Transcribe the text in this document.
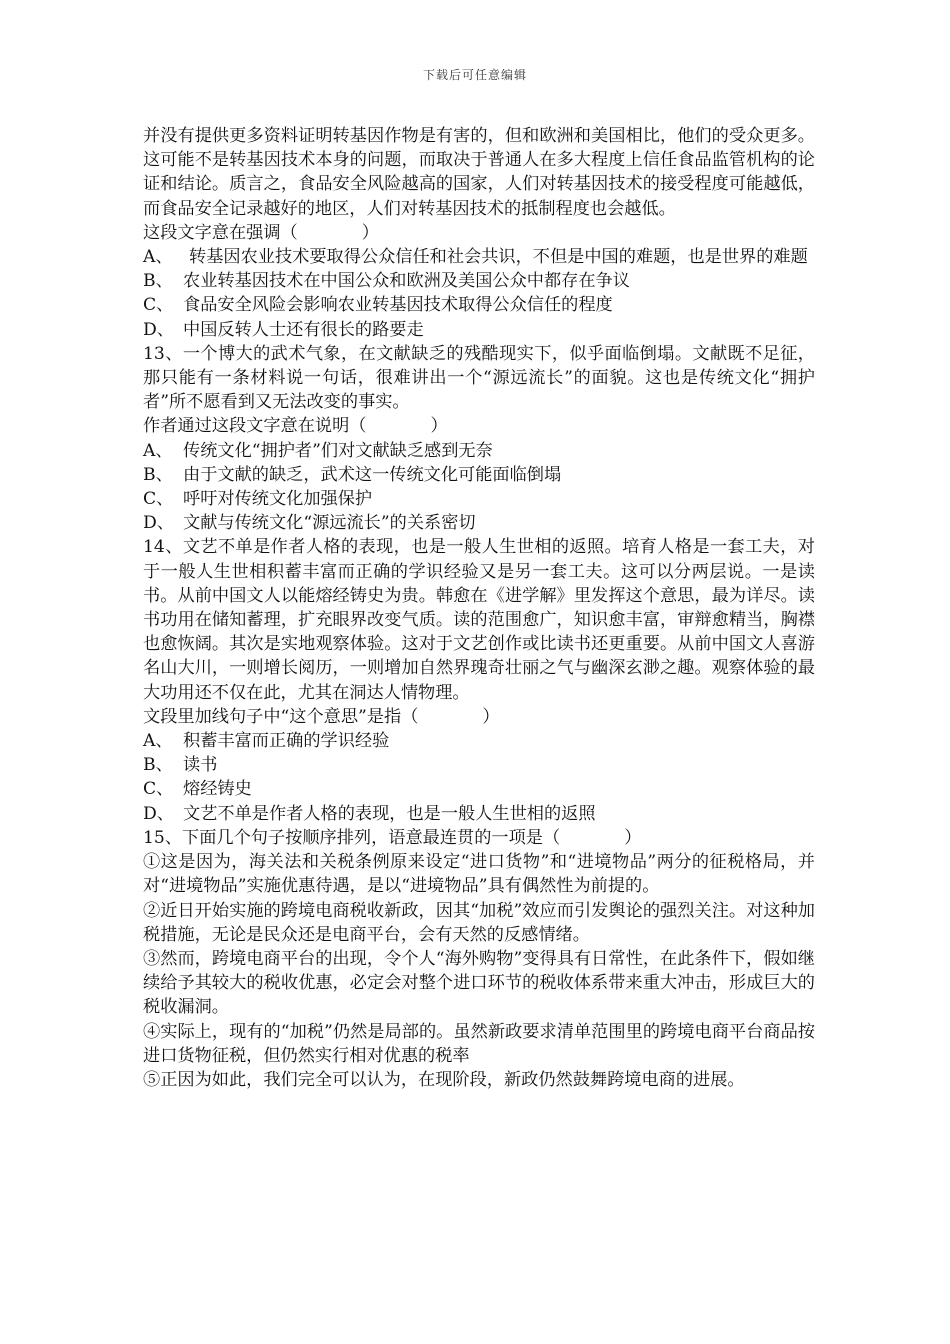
下载后可任意编辑

并没有提供更多资料证明转基因作物是有害的，但和欧洲和美国相比，他们的受众更多。这可能不是转基因技术本身的问题，而取决于普通人在多大程度上信任食品监管机构的论证和结论。质言之，食品安全风险越高的国家，人们对转基因技术的接受程度可能越低，而食品安全记录越好的地区，人们对转基因技术的抵制程度也会越低。

这段文字意在强调（	）

A、 转基因农业技术要取得公众信任和社会共识，不但是中国的难题，也是世界的难题

B、 农业转基因技术在中国公众和欧洲及美国公众中都存在争议

C、 食品安全风险会影响农业转基因技术取得公众信任的程度

D、 中国反转人士还有很长的路要走

13、一个博大的武术气象，在文献缺乏的残酷现实下，似乎面临倒塌。文献既不足征，那只能有一条材料说一句话，很难讲出一个“源远流长”的面貌。这也是传统文化“拥护者”所不愿看到又无法改变的事实。

作者通过这段文字意在说明（	）

A、 传统文化“拥护者”们对文献缺乏感到无奈

B、 由于文献的缺乏，武术这一传统文化可能面临倒塌

C、 呼吁对传统文化加强保护

D、 文献与传统文化“源远流长”的关系密切

14、文艺不单是作者人格的表现，也是一般人生世相的返照。培育人格是一套工夫，对于一般人生世相积蓄丰富而正确的学识经验又是另一套工夫。这可以分两层说。一是读书。从前中国文人以能熔经铸史为贵。韩愈在《进学解》里发挥这个意思，最为详尽。读书功用在储知蓄理，扩充眼界改变气质。读的范围愈广，知识愈丰富，审辩愈精当，胸襟也愈恢阔。其次是实地观察体验。这对于文艺创作或比读书还更重要。从前中国文人喜游名山大川，一则增长阅历，一则增加自然界瑰奇壮丽之气与幽深玄渺之趣。观察体验的最大功用还不仅在此，尤其在洞达人情物理。

文段里加线句子中“这个意思”是指（	）

A、 积蓄丰富而正确的学识经验

B、 读书

C、 熔经铸史

D、 文艺不单是作者人格的表现，也是一般人生世相的返照

15、下面几个句子按顺序排列，语意最连贯的一项是（	）

①这是因为，海关法和关税条例原来设定“进口货物”和“进境物品”两分的征税格局，并对“进境物品”实施优惠待遇，是以“进境物品”具有偶然性为前提的。

②近日开始实施的跨境电商税收新政，因其“加税”效应而引发舆论的强烈关注。对这种加税措施，无论是民众还是电商平台，会有天然的反感情绪。

③然而，跨境电商平台的出现，令个人“海外购物”变得具有日常性，在此条件下，假如继续给予其较大的税收优惠，必定会对整个进口环节的税收体系带来重大冲击，形成巨大的税收漏洞。

④实际上，现有的“加税”仍然是局部的。虽然新政要求清单范围里的跨境电商平台商品按进口货物征税，但仍然实行相对优惠的税率

⑤正因为如此，我们完全可以认为，在现阶段，新政仍然鼓舞跨境电商的进展。
